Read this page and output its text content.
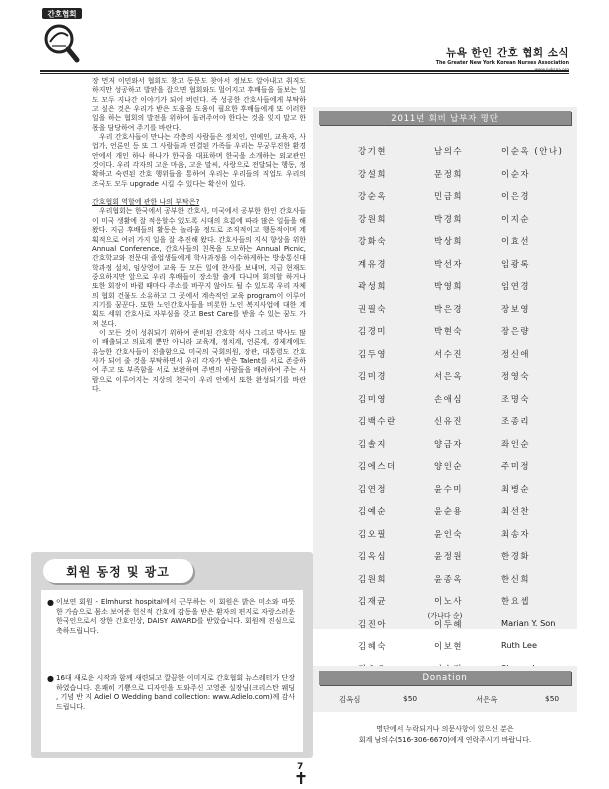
간호협회
뉴욕 한인 간호 협회 소식
The Greater New York Korean Nurses Association

장 먼저 이민와서 협회도 찾고 동문도 찾아서 정보도 알아내고 취직도 하지만 성공하고 발판을 잡으면 협회와도 멀어지고 후배들을 돌보는 일도 모두 지나간 이야기가 되어 버린다. 즉 성공한 간호사들에게 부탁하고 싶은 것은 우리가 받은 도움을 도움이 필요한 후배들에게 또 이러한 일을 하는 협회의 발전을 위하여 돌려주어야 한다는 것을 잊지 말고 한 몫을 담당하여 주기를 바란다.

우리 간호사들이 만나는 각층의 사람들은 정치인, 연예인, 교육자, 사업가, 언론인 등 또 그 사람들과 연결된 가족들 우리는 무궁무진한 환경 안에서 개인 하나 하나가 한국을 대표하며 한국을 소개하는 외교관인 것이다. 우리 각자의 고운 마음, 고운 말씨, 사랑으로 전달되는 행동, 정확하고 숙련된 간호 행위들을 통하여 우리는 우리들의 직업도 우리의 조국도 모두 upgrade 시킬 수 있다는 확신이 있다.

간호협회 역할에 관한 나의 부탁은?

우리협회는 한국에서 공부한 간호사, 미국에서 공부한 한인 간호사들이 미국 생활에 잘 적응할수 있도록 시대의 흐름에 따라 많은 일들을 해왔다. 지금 후배들의 활동은 놀라울 정도로 조직적이고 행동적이며 계획적으로 여러 가지 일을 잘 추진해 왔다. 간호사들의 지식 향상을 위한 Annual Conference, 간호사들의 친목을 도모하는 Annual Picnic, 간호학교와 전문대 졸업생들에게 학사과정을 이수하게하는 방송통신대학과정 설치, 임상영어 교육 등 모든 일에 찬사를 보내며, 지금 현재도 중요하지만 앞으로 우리 후배들이 장소할 출게 다니며 회의할 하거나 또한 회장이 바뀔 때마다 주소를 바꾸지 않아도 될 수 있도록 우리 자체의 협회 건물도 소유하고 그 곳에서 계속적인 교육 program이 이루어지기를 꿈꾼다. 또한 노인간호사들을 비롯한 노인 복지사업에 대한 계획도 세워 간호사로 자부심을 갖고 Best Care를 받을 수 있는 꿈도 가져 본다.

이 모든 것이 성취되기 위하여 준비된 간호학 석사 그리고 박사도 많이 배출되고 의료계 뿐만 아니라 교육계, 정치계, 언론계, 경제계에도 유능한 간호사들이 진출함으로 미국의 국회의원, 장관, 대통령도 간호사가 되어 줄 것을 부탁하면서 우리 각자가 받은 Talent를 서로 존중하여 주고 또 부족함을 서로 보완하며 주변의 사람들을 배려하여 주는 사람으로 이루어지는 지상의 천국이 우리 안에서 또한 완성되기를 바란다.

회원 동정 및 광고
● 이보연 회원 - Elmhurst hospital에서 근무하는 이 회원은 밝은 미소와 따뜻한 가슴으로 몸소 보여준 헌신적 간호에 감동을 받은 환자의 편지로 자랑스러운 한국인으로서 장한 간호인상, DAISY AWARD를 받았습니다. 회원께 진심으로 축하드립니다.
● 16대 새로운 시작과 함께 새련되고 깔끔한 이미지로 간호협회 뉴스레터가 단장하였습니다. 흔쾌히 기쁨으로 디자인을 도와주신 고영준 실장님(크리스탄 웨딩 , 기념 반 지 Adiel O Wedding band collection: www.Adielo.com)께 감사드립니다.
2011년 회비 납부자 명단
강기현	남의수	이순옥 (안나)
강설희	문정희	이순자
강순옥	민금희	이은경
강원희	박경희	이지순
강화숙	박상희	이효선
계유경	박선자	임광록
곽성희	박영희	임연경
권필숙	박은경	장보영
김경미	박현숙	장은량
김두영	서수진	정신애
김미경	서은옥	정영숙
김미영	손애심	조명숙
김백수란	신유진	조종리
김솔지	양금자	좌인순
김에스더	양인순	주미정
김연정	윤수미	최병순
김예순	윤순용	최선찬
김오필	윤인숙	최송자
김옥심	윤정원	한경화
김원희	윤종옥	한신희
김재균	이노사	한요셉
김진아	이두혜	Marian Y. Son
김혜숙	이보현	Ruth Lee
(가나다 순)
Donation
김옥심	$50	서은옥	$50
명단에서 누락되거나 의문사항이 있으신 분은
회계 남의수(516-306-6670)에게 연락주시기 바랍니다.
7
